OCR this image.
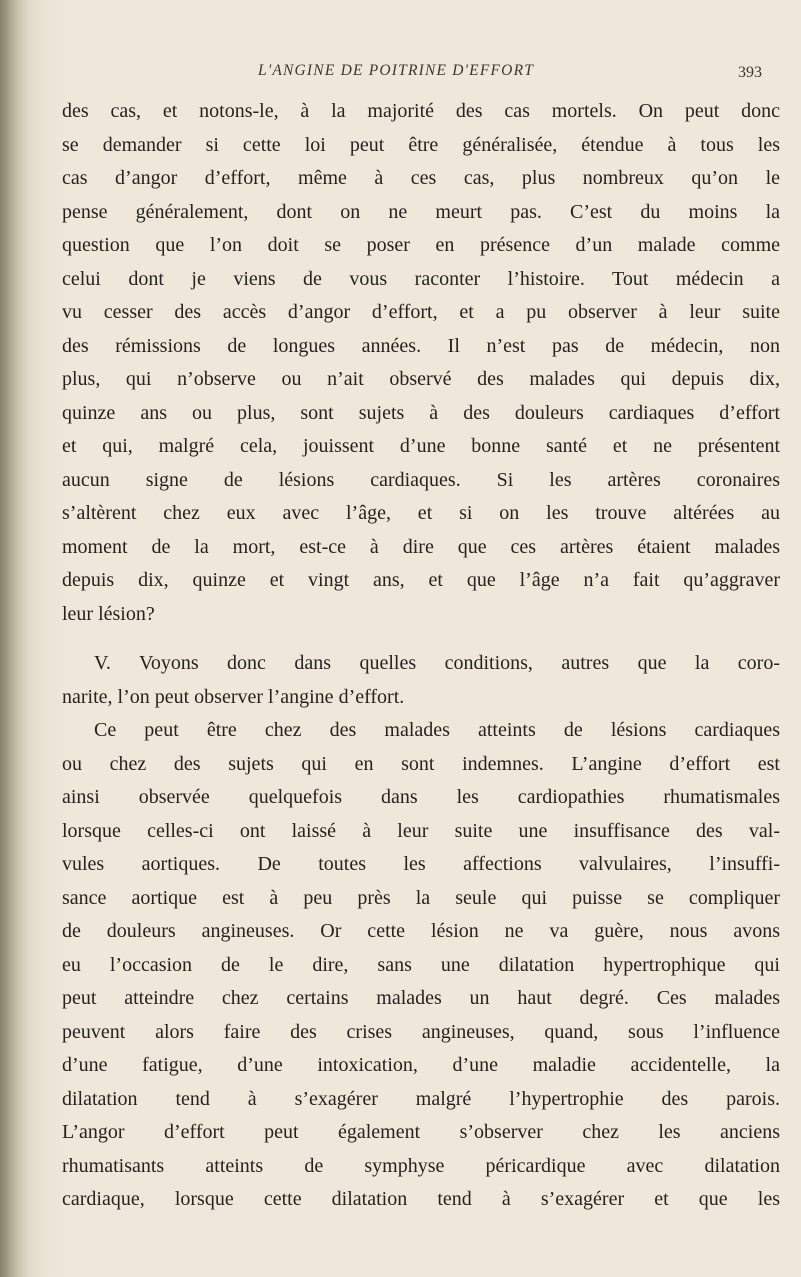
L'ANGINE DE POITRINE D'EFFORT	393
des cas, et notons-le, à la majorité des cas mortels. On peut donc
se demander si cette loi peut être généralisée, étendue à tous les
cas d’angor d’effort, même à ces cas, plus nombreux qu’on le
pense généralement, dont on ne meurt pas. C’est du moins la
question que l’on doit se poser en présence d’un malade comme
celui dont je viens de vous raconter l’histoire. Tout médecin a
vu cesser des accès d’angor d’effort, et a pu observer à leur suite
des rémissions de longues années. Il n’est pas de médecin, non
plus, qui n’observe ou n’ait observé des malades qui depuis dix,
quinze ans ou plus, sont sujets à des douleurs cardiaques d’effort
et qui, malgré cela, jouissent d’une bonne santé et ne présentent
aucun signe de lésions cardiaques. Si les artères coronaires
s’altèrent chez eux avec l’âge, et si on les trouve altérées au
moment de la mort, est-ce à dire que ces artères étaient malades
depuis dix, quinze et vingt ans, et que l’âge n’a fait qu’aggraver
leur lésion?
V. Voyons donc dans quelles conditions, autres que la coro-
narite, l’on peut observer l’angine d’effort.
Ce peut être chez des malades atteints de lésions cardiaques
ou chez des sujets qui en sont indemnes. L’angine d’effort est
ainsi observée quelquefois dans les cardiopathies rhumatismales
lorsque celles-ci ont laissé à leur suite une insuffisance des val-
vules aortiques. De toutes les affections valvulaires, l’insuffi-
sance aortique est à peu près la seule qui puisse se compliquer
de douleurs angineuses. Or cette lésion ne va guère, nous avons
eu l’occasion de le dire, sans une dilatation hypertrophique qui
peut atteindre chez certains malades un haut degré. Ces malades
peuvent alors faire des crises angineuses, quand, sous l’influence
d’une fatigue, d’une intoxication, d’une maladie accidentelle, la
dilatation tend à s’exagérer malgré l’hypertrophie des parois.
L’angor d’effort peut également s’observer chez les anciens
rhumatisants atteints de symphyse péricardique avec dilatation
cardiaque, lorsque cette dilatation tend à s’exagérer et que les
